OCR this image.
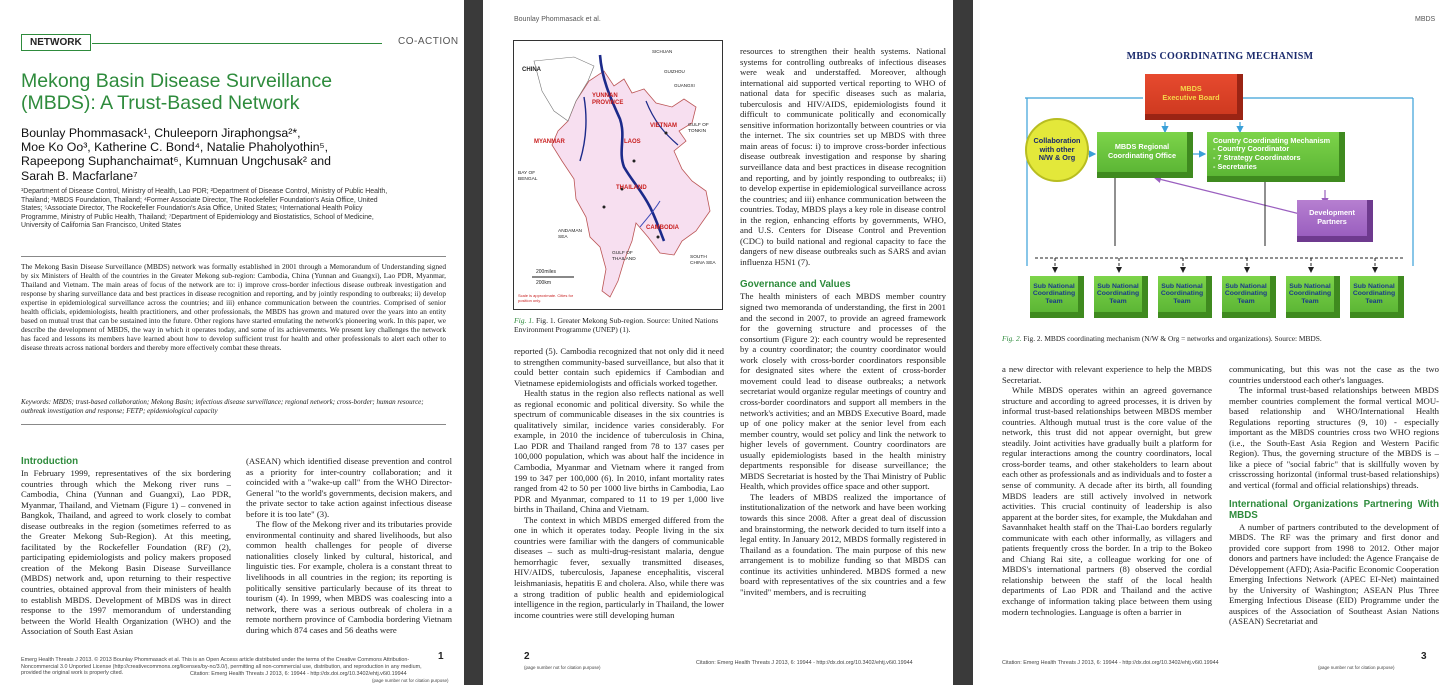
NETWORK	CO-ACTION
Mekong Basin Disease Surveillance
(MBDS): A Trust-Based Network
Bounlay Phommasack¹, Chuleeporn Jiraphongsa²*,
Moe Ko Oo³, Katherine C. Bond⁴, Natalie Phaholyothin⁵,
Rapeepong Suphanchaimat⁶, Kumnuan Ungchusak² and
Sarah B. Macfarlane⁷
¹Department of Disease Control, Ministry of Health, Lao PDR; ²Department of Disease Control, Ministry of Public Health, Thailand; ³MBDS Foundation, Thailand; ⁴Former Associate Director, The Rockefeller Foundation's Asia Office, United States; ⁵Associate Director, The Rockefeller Foundation's Asia Office, United States; ⁶International Health Policy Programme, Ministry of Public Health, Thailand; ⁷Department of Epidemiology and Biostatistics, School of Medicine, University of California San Francisco, United States
The Mekong Basin Disease Surveillance (MBDS) network was formally established in 2001 through a Memorandum of Understanding signed by six Ministers of Health of the countries in the Greater Mekong sub-region: Cambodia, China (Yunnan and Guangxi), Lao PDR, Myanmar, Thailand and Vietnam. The main areas of focus of the network are to: i) improve cross-border infectious disease outbreak investigation and response by sharing surveillance data and best practices in disease recognition and reporting, and by jointly responding to outbreaks; ii) develop expertise in epidemiological surveillance across the countries; and iii) enhance communication between the countries. Comprised of senior health officials, epidemiologists, health practitioners, and other professionals, the MBDS has grown and matured over the years into an entity based on mutual trust that can be sustained into the future. Other regions have started emulating the network's pioneering work. In this paper, we describe the development of MBDS, the way in which it operates today, and some of its achievements. We present key challenges the network has faced and lessons its members have learned about how to develop sufficient trust for health and other professionals to alert each other to disease threats across national borders and thereby more effectively combat these threats.
Keywords: MBDS; trust-based collaboration; Mekong Basin; infectious disease surveillance; regional network; cross-border; human resource; outbreak investigation and response; FETP; epidemiological capacity
Introduction

In February 1999, representatives of the six bordering countries through which the Mekong river runs – Cambodia, China (Yunnan and Guangxi), Lao PDR, Myanmar, Thailand, and Vietnam (Figure 1) – convened in Bangkok, Thailand, and agreed to work closely to combat disease outbreaks in the region (sometimes referred to as the Greater Mekong Sub-Region). At this meeting, facilitated by the Rockefeller Foundation (RF) (2), participating epidemiologists and policy makers proposed creation of the Mekong Basin Disease Surveillance (MBDS) network and, upon returning to their respective countries, obtained approval from their ministers of health to establish MBDS. Development of MBDS was in direct response to the 1997 memorandum of understanding between the World Health Organization (WHO) and the Association of South East Asian

(ASEAN) which identified disease prevention and control as a priority for inter-country collaboration; and it coincided with a "wake-up call" from the WHO Director-General "to the world's governments, decision makers, and the private sector to take action against infectious disease before it is too late" (3).

The flow of the Mekong river and its tributaries provide environmental continuity and shared livelihoods, but also common health challenges for people of diverse nationalities closely linked by cultural, historical, and linguistic ties. For example, cholera is a constant threat to livelihoods in all countries in the region; its reporting is politically sensitive particularly because of its threat to tourism (4). In 1999, when MBDS was coalescing into a network, there was a serious outbreak of cholera in a remote northern province of Cambodia bordering Vietnam during which 874 cases and 56 deaths were

Emerg Health Threats J 2013. © 2013 Bounlay Phommasack et al. This is an Open Access article distributed under the terms of the Creative Commons Attribution-Noncommercial 3.0 Unported License (http://creativecommons.org/licenses/by-nc/3.0/), permitting all non-commercial use, distribution, and reproduction in any medium, provided the original work is properly cited.	Citation: Emerg Health Threats J 2013, 6: 19944 - http://dx.doi.org/10.3402/ehtj.v6i0.19944
1
(page number not for citation purpose)
Bounlay Phommasack et al.
CHINA
YUNNAN PROVINCE
SICHUAN
GUIZHOU
GUANGXI
MYANMAR	LAOS
VIETNAM
THAILAND
CAMBODIA
BAY OF BENGAL
ANDAMAN SEA
GULF OF THAILAND
GULF OF TONKIN
SOUTH CHINA SEA
200miles
200km
Scale is approximate. Cities for position only.
Fig. 1. Fig. 1. Greater Mekong Sub-region. Source: United Nations Environment Programme (UNEP) (1).

reported (5). Cambodia recognized that not only did it need to strengthen community-based surveillance, but also that it could better contain such epidemics if Cambodian and Vietnamese epidemiologists and officials worked together.

Health status in the region also reflects national as well as regional economic and political diversity. So while the spectrum of communicable diseases in the six countries is qualitatively similar, incidence varies considerably. For example, in 2010 the incidence of tuberculosis in China, Lao PDR and Thailand ranged from 78 to 137 cases per 100,000 population, which was about half the incidence in Cambodia, Myanmar and Vietnam where it ranged from 199 to 347 per 100,000 (6). In 2010, infant mortality rates ranged from 42 to 50 per 1000 live births in Cambodia, Lao PDR and Myanmar, compared to 11 to 19 per 1,000 live births in Thailand, China and Vietnam.

The context in which MBDS emerged differed from the one in which it operates today. People living in the six countries were familiar with the dangers of communicable diseases – such as multi-drug-resistant malaria, dengue hemorrhagic fever, sexually transmitted diseases, HIV/AIDS, tuberculosis, Japanese encephalitis, visceral leishmaniasis, hepatitis E and cholera. Also, while there was a strong tradition of public health and epidemiological intelligence in the region, particularly in Thailand, the lower income countries were still developing human

resources to strengthen their health systems. National systems for controlling outbreaks of infectious diseases were weak and understaffed. Moreover, although international aid supported vertical reporting to WHO of national data for specific diseases such as malaria, tuberculosis and HIV/AIDS, epidemiologists found it difficult to communicate politically and economically sensitive information horizontally between countries or via the internet. The six countries set up MBDS with three main areas of focus: i) to improve cross-border infectious disease outbreak investigation and response by sharing surveillance data and best practices in disease recognition and reporting, and by jointly responding to outbreaks; ii) to develop expertise in epidemiological surveillance across the countries; and iii) enhance communication between the countries. Today, MBDS plays a key role in disease control in the region, enhancing efforts by governments, WHO, and U.S. Centers for Disease Control and Prevention (CDC) to build national and regional capacity to face the dangers of new disease outbreaks such as SARS and avian influenza H5N1 (7).

Governance and Values

The health ministers of each MBDS member country signed two memoranda of understanding, the first in 2001 and the second in 2007, to provide an agreed framework for the governing structure and processes of the consortium (Figure 2): each country would be represented by a country coordinator; the country coordinator would work closely with cross-border coordinators responsible for designated sites where the extent of cross-border movement could lead to disease outbreaks; a network secretariat would organize regular meetings of country and cross-border coordinators and support all members in the network's activities; and an MBDS Executive Board, made up of one policy maker at the senior level from each member country, would set policy and link the network to higher levels of government. Country coordinators are usually epidemiologists based in the health ministry departments responsible for disease surveillance; the MBDS Secretariat is hosted by the Thai Ministry of Public Health, which provides office space and other support.

The leaders of MBDS realized the importance of institutionalization of the network and have been working towards this since 2008. After a great deal of discussion and brainstorming, the network decided to turn itself into a legal entity. In January 2012, MBDS formally registered in Thailand as a foundation. The main purpose of this new arrangement is to mobilize funding so that MBDS can continue its activities unhindered. MBDS formed a new board with representatives of the six countries and a few "invited" members, and is recruiting

2
(page number not for citation purpose)
Citation: Emerg Health Threats J 2013, 6: 19944 - http://dx.doi.org/10.3402/ehtj.v6i0.19944
MBDS
MBDS COORDINATING MECHANISM
MBDS
Executive Board
Collaboration
with other
N/W & Org
MBDS Regional
Coordinating Office
Country Coordinating Mechanism
- Country Coordinator
- 7 Strategy Coordinators
- Secretaries
Development
Partners
Sub National
Coordinating
Team
Sub National
Coordinating
Team
Sub National
Coordinating
Team
Sub National
Coordinating
Team
Sub National
Coordinating
Team
Sub National
Coordinating
Team
Fig. 2. Fig. 2. MBDS coordinating mechanism (N/W & Org = networks and organizations). Source: MBDS.

a new director with relevant experience to help the MBDS Secretariat.

While MBDS operates within an agreed governance structure and according to agreed processes, it is driven by informal trust-based relationships between MBDS member countries. Although mutual trust is the core value of the network, this trust did not appear overnight, but grew steadily. Joint activities have gradually built a platform for regular interactions among the country coordinators, local cross-border teams, and other stakeholders to learn about each other as professionals and as individuals and to foster a sense of community. A decade after its birth, all founding MBDS leaders are still actively involved in network activities. This crucial continuity of leadership is also apparent at the border sites, for example, the Mukdahan and Savannhaket health staff on the Thai-Lao borders regularly communicate with each other informally, as villagers and patients frequently cross the border. In a trip to the Bokeo and Chiang Rai site, a colleague working for one of MBDS's international partners (8) observed the cordial relationship between the staff of the local health departments of Lao PDR and Thailand and the active exchange of information taking place between them using modern technologies. Language is often a barrier in

communicating, but this was not the case as the two countries understood each other's languages.

The informal trust-based relationships between MBDS member countries complement the formal vertical MOU-based relationship and WHO/International Health Regulations reporting structures (9, 10) - especially important as the MBDS countries cross two WHO regions (i.e., the South-East Asia Region and Western Pacific Region). Thus, the governing structure of the MBDS is – like a piece of "social fabric" that is skillfully woven by crisscrossing horizontal (informal trust-based relationships) and vertical (formal and official relationships) threads.

International Organizations Partnering With MBDS

A number of partners contributed to the development of MBDS. The RF was the primary and first donor and provided core support from 1998 to 2012. Other major donors and partners have included: the Agence Française de Développement (AFD); Asia-Pacific Economic Cooperation Emerging Infections Network (APEC EI-Net) maintained by the University of Washington; ASEAN Plus Three Emerging Infectious Disease (EID) Programme under the auspices of the Association of Southeast Asian Nations (ASEAN) Secretariat and

Citation: Emerg Health Threats J 2013, 6: 19944 - http://dx.doi.org/10.3402/ehtj.v6i0.19944
(page number not for citation purpose)
3
